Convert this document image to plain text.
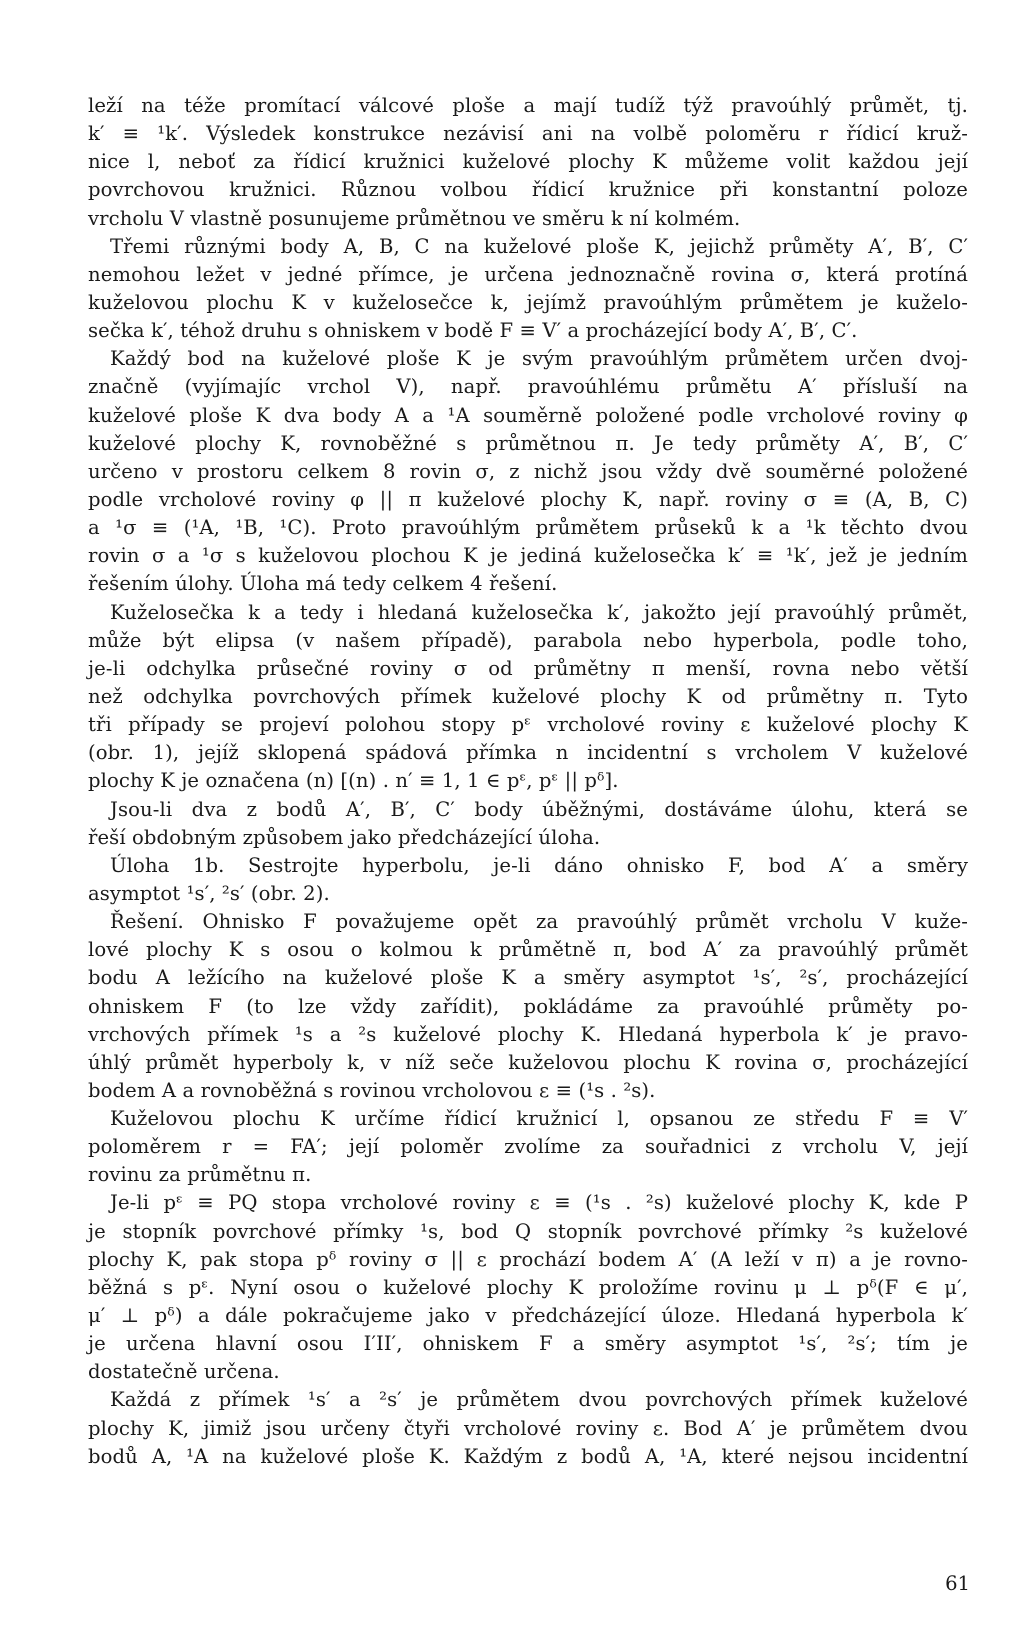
leží na téže promítací válcové ploše a mají tudíž týž pravoúhlý průmět, tj.
k′ ≡ ¹k′. Výsledek konstrukce nezávisí ani na volbě poloměru r řídicí kruž-
nice l, neboť za řídicí kružnici kuželové plochy K můžeme volit každou její
povrchovou kružnici. Různou volbou řídicí kružnice při konstantní poloze
vrcholu V vlastně posunujeme průmětnou ve směru k ní kolmém.
Třemi různými body A, B, C na kuželové ploše K, jejichž průměty A′, B′, C′
nemohou ležet v jedné přímce, je určena jednoznačně rovina σ, která protíná
kuželovou plochu K v kuželosečce k, jejímž pravoúhlým průmětem je kuželo-
sečka k′, téhož druhu s ohniskem v bodě F ≡ V′ a procházející body A′, B′, C′.
Každý bod na kuželové ploše K je svým pravoúhlým průmětem určen dvoj-
značně (vyjímajíc vrchol V), např. pravoúhlému průmětu A′ přísluší na
kuželové ploše K dva body A a ¹A souměrně položené podle vrcholové roviny φ
kuželové plochy K, rovnoběžné s průmětnou π. Je tedy průměty A′, B′, C′
určeno v prostoru celkem 8 rovin σ, z nichž jsou vždy dvě souměrné položené
podle vrcholové roviny φ || π kuželové plochy K, např. roviny σ ≡ (A, B, C)
a ¹σ ≡ (¹A, ¹B, ¹C). Proto pravoúhlým průmětem průseků k a ¹k těchto dvou
rovin σ a ¹σ s kuželovou plochou K je jediná kuželosečka k′ ≡ ¹k′, jež je jedním
řešením úlohy. Úloha má tedy celkem 4 řešení.
Kuželosečka k a tedy i hledaná kuželosečka k′, jakožto její pravoúhlý průmět,
může být elipsa (v našem případě), parabola nebo hyperbola, podle toho,
je-li odchylka průsečné roviny σ od průmětny π menší, rovna nebo větší
než odchylka povrchových přímek kuželové plochy K od průmětny π. Tyto
tři případy se projeví polohou stopy pᵋ vrcholové roviny ε kuželové plochy K
(obr. 1), jejíž sklopená spádová přímka n incidentní s vrcholem V kuželové
plochy K je označena (n) [(n) . n′ ≡ 1, 1 ∈ pᵋ, pᵋ || pᵟ].
Jsou-li dva z bodů A′, B′, C′ body úběžnými, dostáváme úlohu, která se
řeší obdobným způsobem jako předcházející úloha.
Úloha 1b. Sestrojte hyperbolu, je-li dáno ohnisko F, bod A′ a směry
asymptot ¹s′, ²s′ (obr. 2).
Řešení. Ohnisko F považujeme opět za pravoúhlý průmět vrcholu V kuže-
lové plochy K s osou o kolmou k průmětně π, bod A′ za pravoúhlý průmět
bodu A ležícího na kuželové ploše K a směry asymptot ¹s′, ²s′, procházející
ohniskem F (to lze vždy zařídit), pokládáme za pravoúhlé průměty po-
vrchových přímek ¹s a ²s kuželové plochy K. Hledaná hyperbola k′ je pravo-
úhlý průmět hyperboly k, v níž seče kuželovou plochu K rovina σ, procházející
bodem A a rovnoběžná s rovinou vrcholovou ε ≡ (¹s . ²s).
Kuželovou plochu K určíme řídicí kružnicí l, opsanou ze středu F ≡ V′
poloměrem r = FA′; její poloměr zvolíme za souřadnici z vrcholu V, její
rovinu za průmětnu π.
Je-li pᵋ ≡ PQ stopa vrcholové roviny ε ≡ (¹s . ²s) kuželové plochy K, kde P
je stopník povrchové přímky ¹s, bod Q stopník povrchové přímky ²s kuželové
plochy K, pak stopa pᵟ roviny σ || ε prochází bodem A′ (A leží v π) a je rovno-
běžná s pᵋ. Nyní osou o kuželové plochy K proložíme rovinu μ ⊥ pᵟ(F ∈ μ′,
μ′ ⊥ pᵟ) a dále pokračujeme jako v předcházející úloze. Hledaná hyperbola k′
je určena hlavní osou I′II′, ohniskem F a směry asymptot ¹s′, ²s′; tím je
dostatečně určena.
Každá z přímek ¹s′ a ²s′ je průmětem dvou povrchových přímek kuželové
plochy K, jimiž jsou určeny čtyři vrcholové roviny ε. Bod A′ je průmětem dvou
bodů A, ¹A na kuželové ploše K. Každým z bodů A, ¹A, které nejsou incidentní
61
